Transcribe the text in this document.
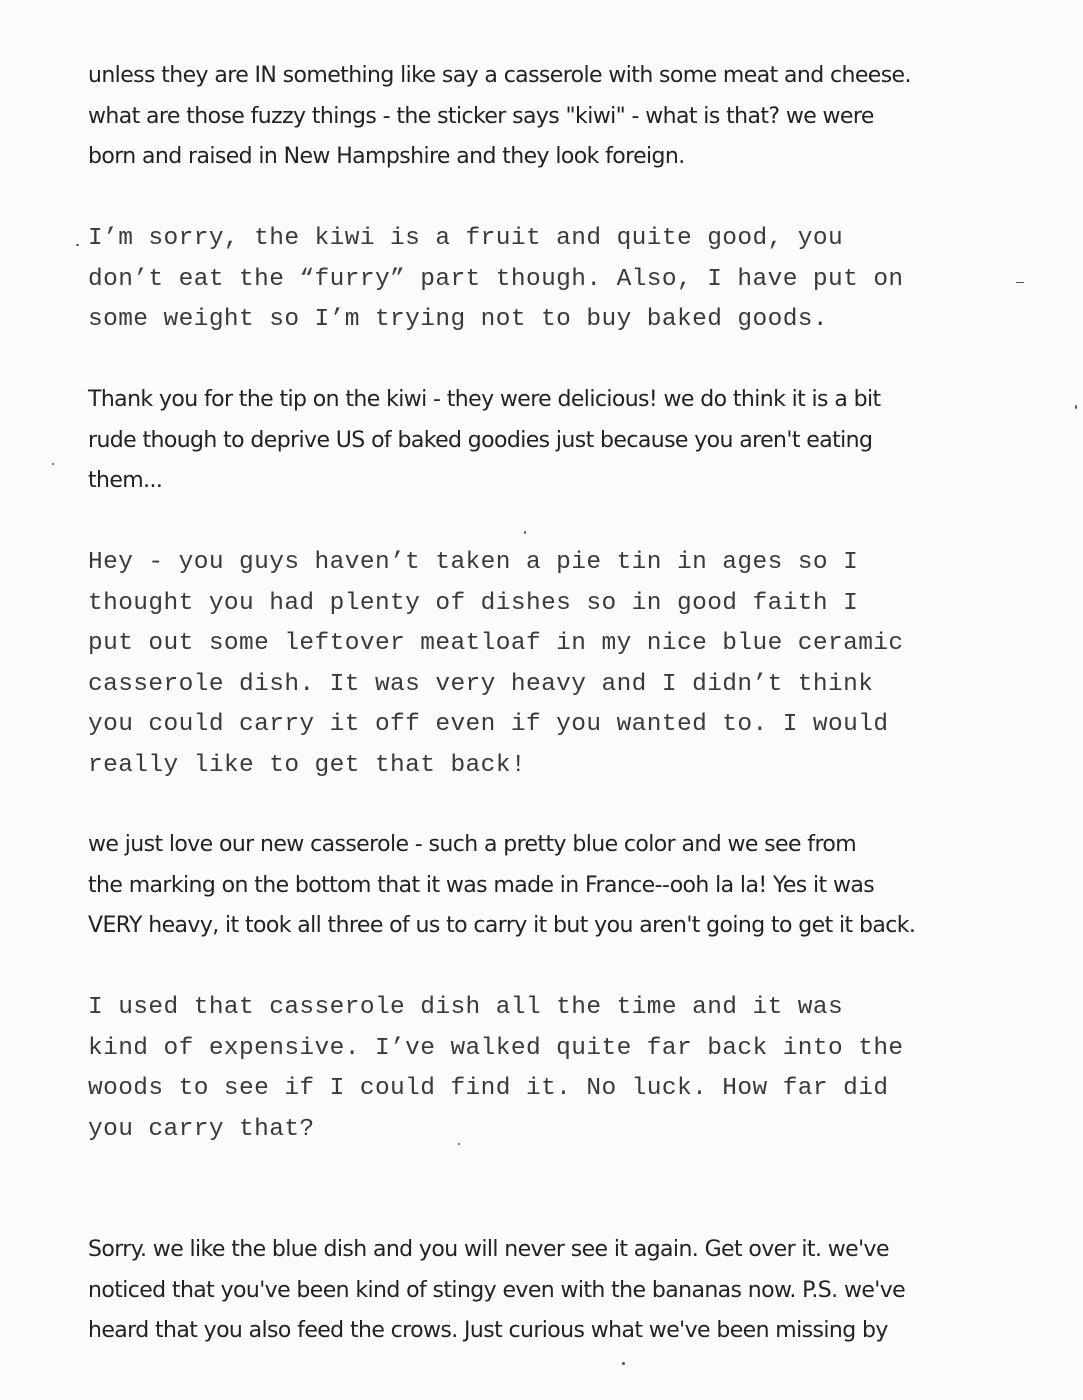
unless they are IN something like say a casserole with some meat and cheese.
what are those fuzzy things - the sticker says "kiwi" - what is that? we were
born and raised in New Hampshire and they look foreign.
I’m sorry, the kiwi is a fruit and quite good, you
don’t eat the “furry” part though. Also, I have put on
some weight so I’m trying not to buy baked goods.
Thank you for the tip on the kiwi - they were delicious! we do think it is a bit
rude though to deprive US of baked goodies just because you aren't eating
them...
Hey - you guys haven’t taken a pie tin in ages so I
thought you had plenty of dishes so in good faith I
put out some leftover meatloaf in my nice blue ceramic
casserole dish. It was very heavy and I didn’t think
you could carry it off even if you wanted to. I would
really like to get that back!
we just love our new casserole - such a pretty blue color and we see from
the marking on the bottom that it was made in France--ooh la la! Yes it was
VERY heavy, it took all three of us to carry it but you aren't going to get it back.
I used that casserole dish all the time and it was
kind of expensive. I’ve walked quite far back into the
woods to see if I could find it. No luck. How far did
you carry that?
Sorry. we like the blue dish and you will never see it again. Get over it. we've
noticed that you've been kind of stingy even with the bananas now. P.S. we've
heard that you also feed the crows. Just curious what we've been missing by
